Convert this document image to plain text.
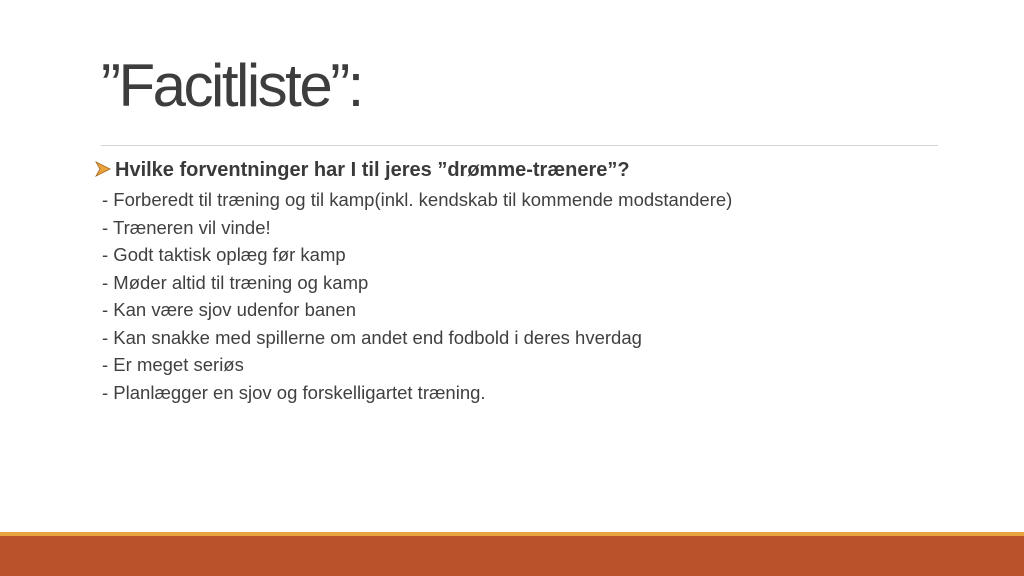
”Facitliste”:
Hvilke forventninger har I til jeres ”drømme-trænere”?
- Forberedt til træning og til kamp(inkl. kendskab til kommende modstandere)
- Træneren vil vinde!
- Godt taktisk oplæg før kamp
- Møder altid til træning og kamp
- Kan være sjov udenfor banen
- Kan snakke med spillerne om andet end fodbold i deres hverdag
- Er meget seriøs
- Planlægger en sjov og forskelligartet træning.
